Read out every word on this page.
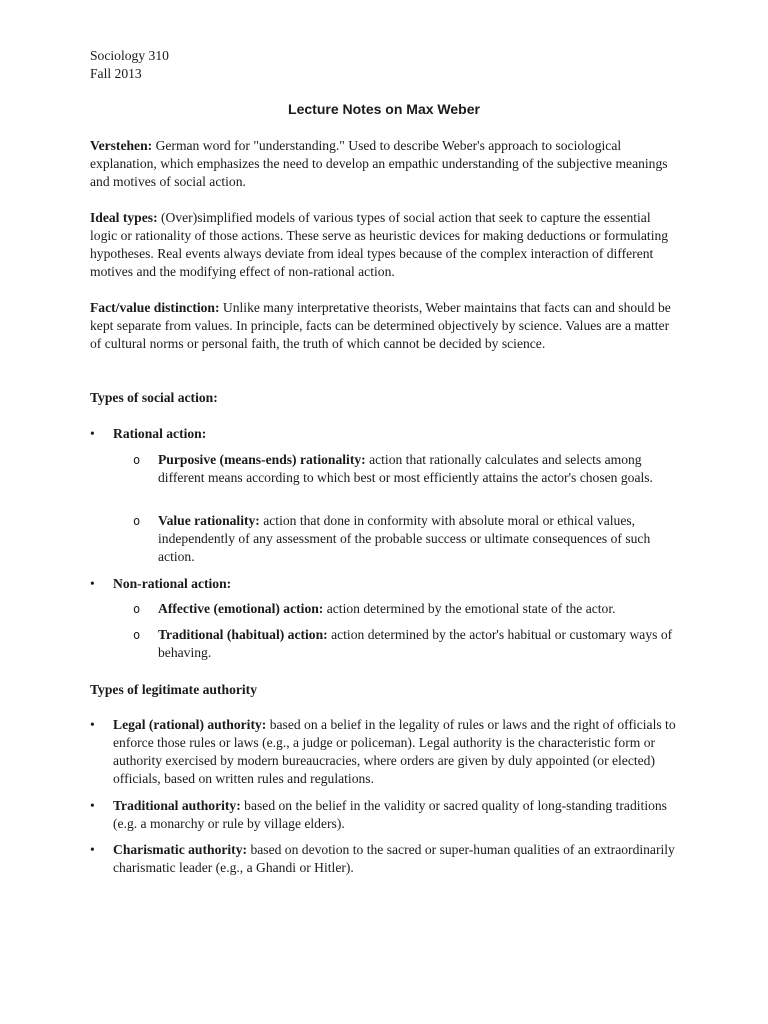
Sociology 310
Fall 2013
Lecture Notes on Max Weber

Verstehen: German word for "understanding." Used to describe Weber's approach to sociological explanation, which emphasizes the need to develop an empathic understanding of the subjective meanings and motives of social action.

Ideal types: (Over)simplified models of various types of social action that seek to capture the essential logic or rationality of those actions. These serve as heuristic devices for making deductions or formulating hypotheses. Real events always deviate from ideal types because of the complex interaction of different motives and the modifying effect of non-rational action.

Fact/value distinction: Unlike many interpretative theorists, Weber maintains that facts can and should be kept separate from values. In principle, facts can be determined objectively by science. Values are a matter of cultural norms or personal faith, the truth of which cannot be decided by science.

Types of social action:
• Rational action:
o Purposive (means-ends) rationality: action that rationally calculates and selects among different means according to which best or most efficiently attains the actor's chosen goals.
o Value rationality: action that done in conformity with absolute moral or ethical values, independently of any assessment of the probable success or ultimate consequences of such action.
• Non-rational action:
o Affective (emotional) action: action determined by the emotional state of the actor.
o Traditional (habitual) action: action determined by the actor's habitual or customary ways of behaving.
Types of legitimate authority
• Legal (rational) authority: based on a belief in the legality of rules or laws and the right of officials to enforce those rules or laws (e.g., a judge or policeman). Legal authority is the characteristic form or authority exercised by modern bureaucracies, where orders are given by duly appointed (or elected) officials, based on written rules and regulations.
• Traditional authority: based on the belief in the validity or sacred quality of long-standing traditions (e.g. a monarchy or rule by village elders).
• Charismatic authority: based on devotion to the sacred or super-human qualities of an extraordinarily charismatic leader (e.g., a Ghandi or Hitler).
